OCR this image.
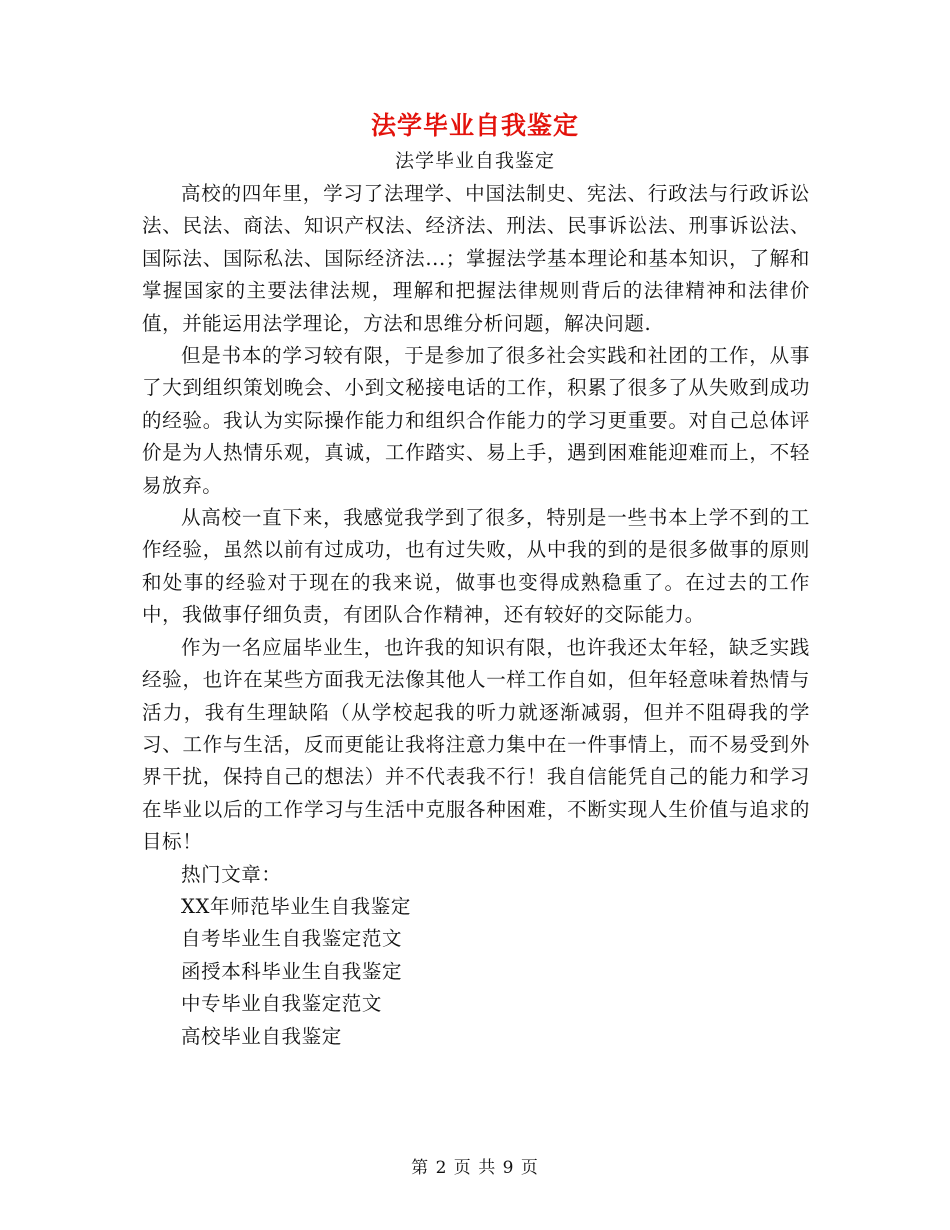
法学毕业自我鉴定
法学毕业自我鉴定

高校的四年里，学习了法理学、中国法制史、宪法、行政法与行政诉讼法、民法、商法、知识产权法、经济法、刑法、民事诉讼法、刑事诉讼法、国际法、国际私法、国际经济法...；掌握法学基本理论和基本知识，了解和掌握国家的主要法律法规，理解和把握法律规则背后的法律精神和法律价值，并能运用法学理论，方法和思维分析问题，解决问题.

但是书本的学习较有限，于是参加了很多社会实践和社团的工作，从事了大到组织策划晚会、小到文秘接电话的工作，积累了很多了从失败到成功的经验。我认为实际操作能力和组织合作能力的学习更重要。对自己总体评价是为人热情乐观，真诚，工作踏实、易上手，遇到困难能迎难而上，不轻易放弃。

从高校一直下来，我感觉我学到了很多，特别是一些书本上学不到的工作经验，虽然以前有过成功，也有过失败，从中我的到的是很多做事的原则和处事的经验对于现在的我来说，做事也变得成熟稳重了。在过去的工作中，我做事仔细负责，有团队合作精神，还有较好的交际能力。

作为一名应届毕业生，也许我的知识有限，也许我还太年轻，缺乏实践经验，也许在某些方面我无法像其他人一样工作自如，但年轻意味着热情与活力，我有生理缺陷（从学校起我的听力就逐渐减弱，但并不阻碍我的学习、工作与生活，反而更能让我将注意力集中在一件事情上，而不易受到外界干扰，保持自己的想法）并不代表我不行！我自信能凭自己的能力和学习在毕业以后的工作学习与生活中克服各种困难，不断实现人生价值与追求的目标！

热门文章：

XX年师范毕业生自我鉴定
自考毕业生自我鉴定范文
函授本科毕业生自我鉴定
中专毕业自我鉴定范文
高校毕业自我鉴定
第 2 页 共 9 页
